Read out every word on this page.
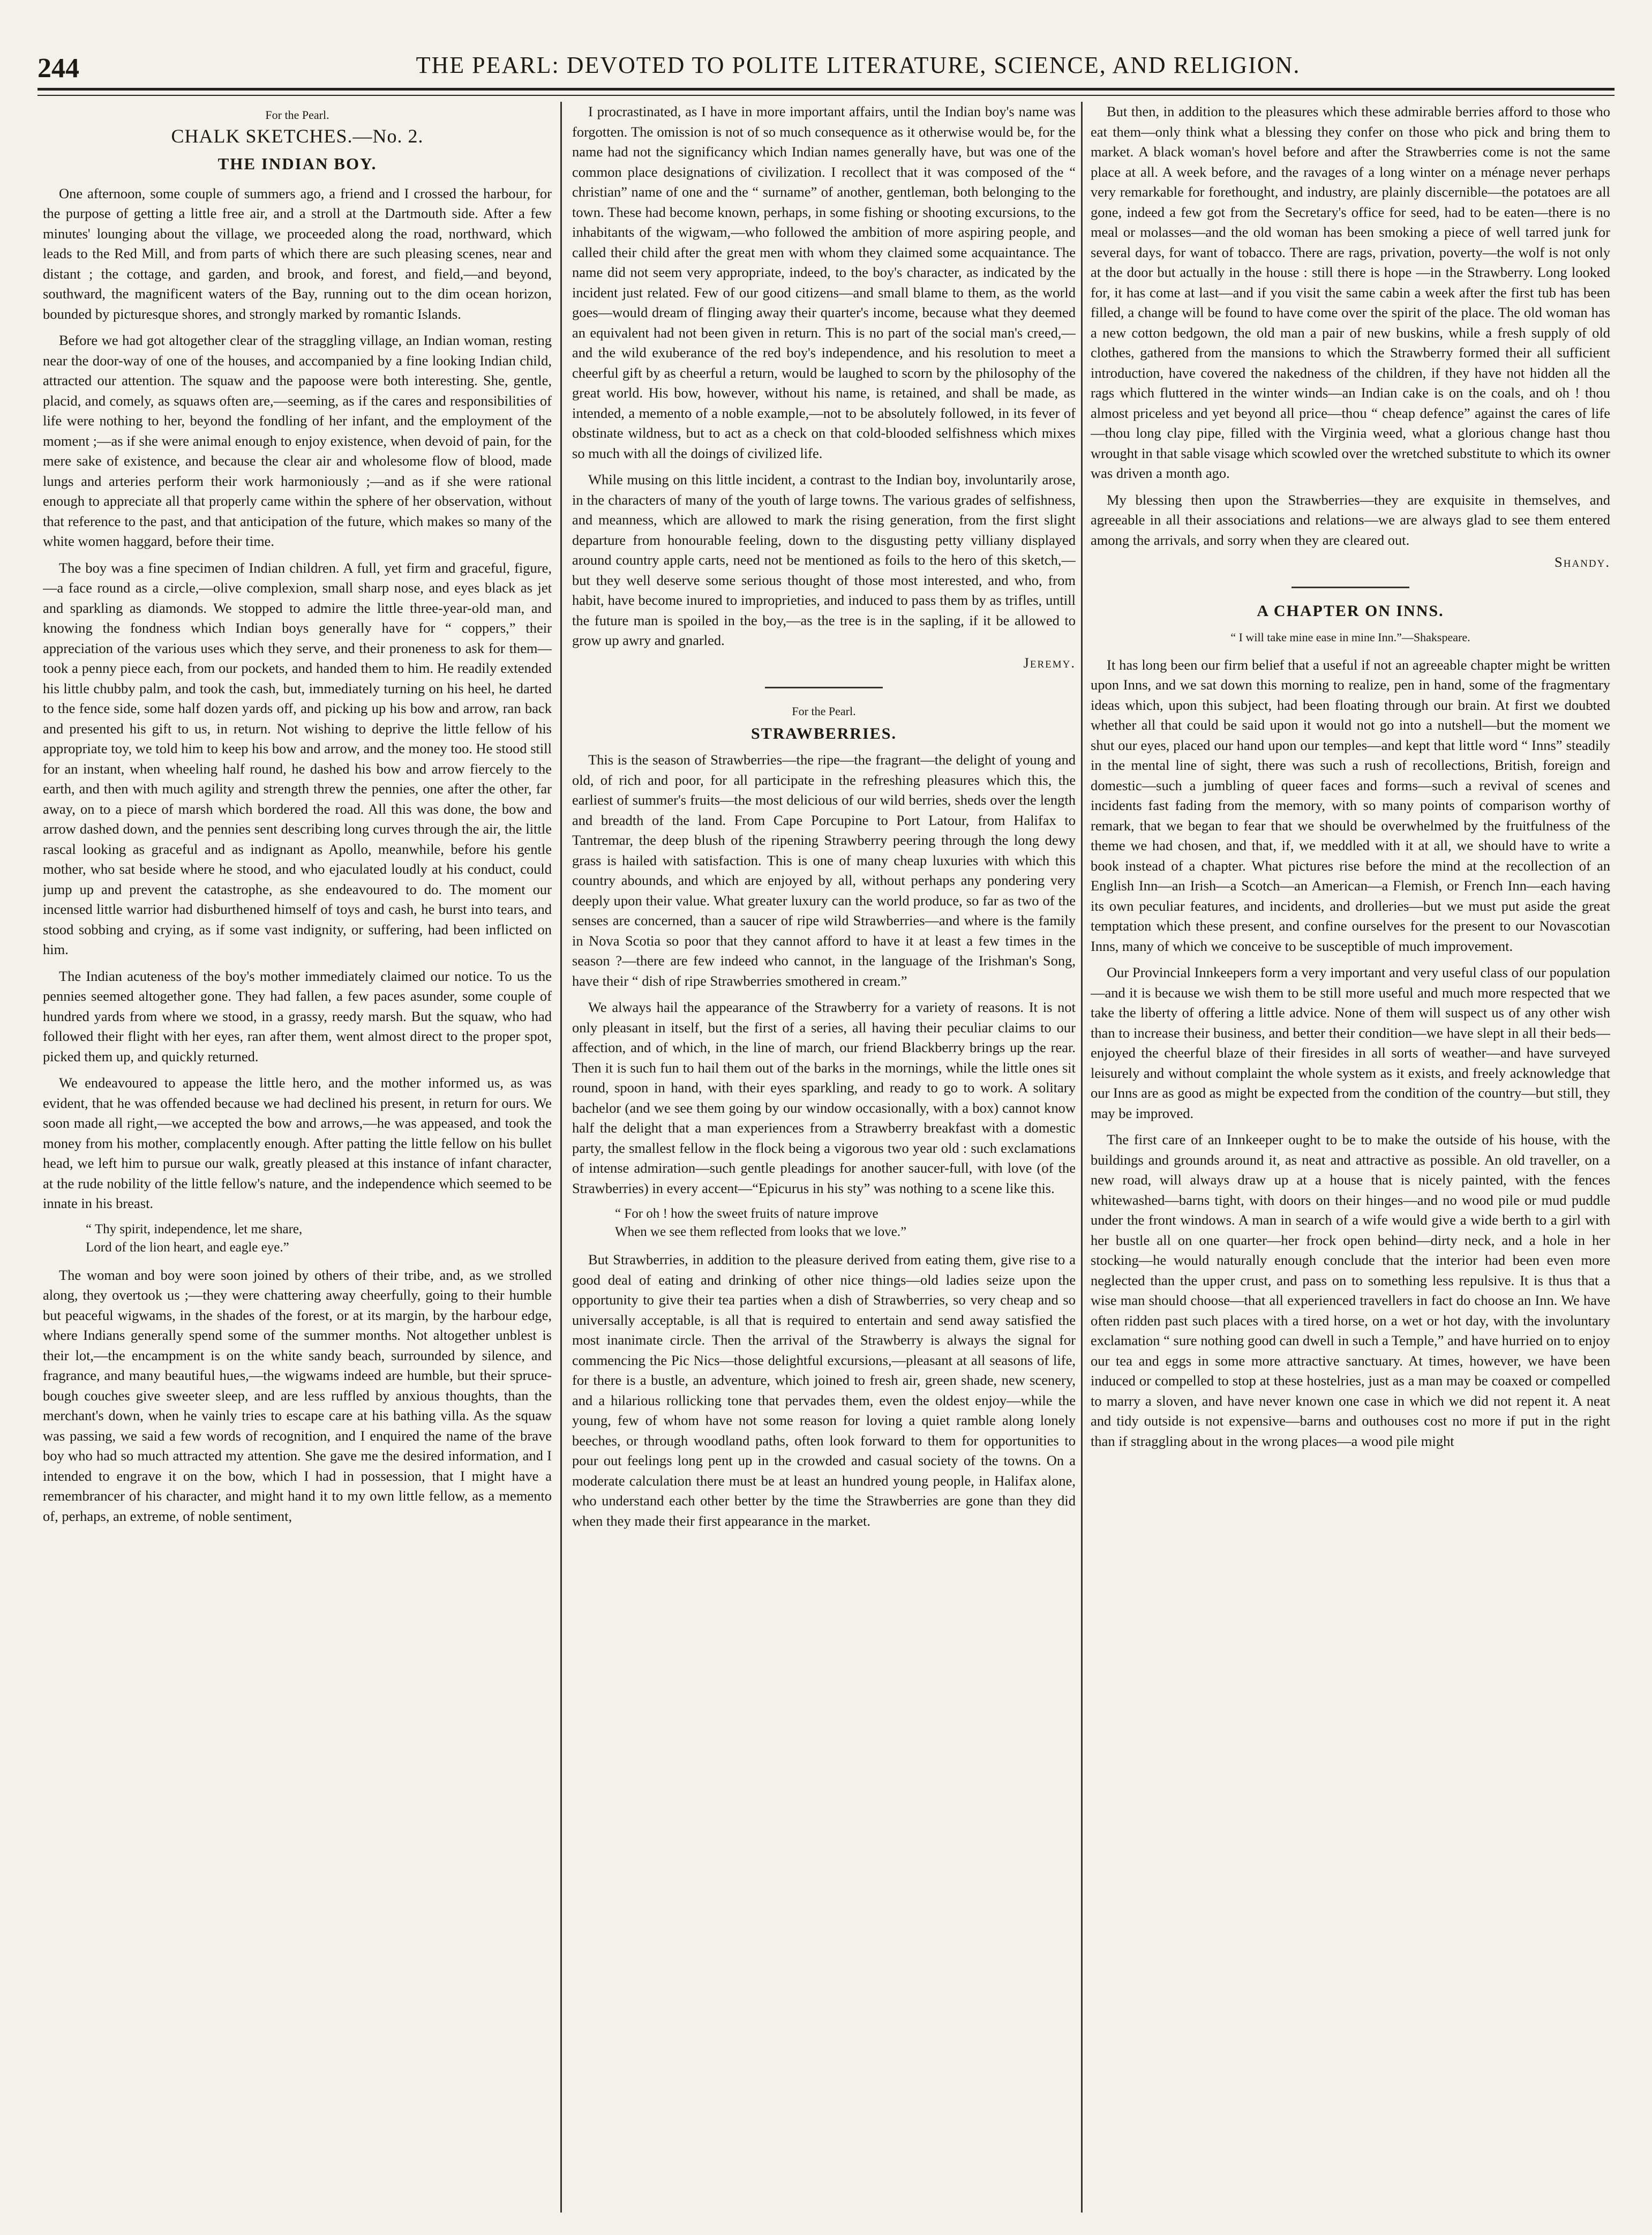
244	THE PEARL: DEVOTED TO POLITE LITERATURE, SCIENCE, AND RELIGION.
For the Pearl.
CHALK SKETCHES.—No. 2.
THE INDIAN BOY.

One afternoon, some couple of summers ago, a friend and I crossed the harbour, for the purpose of getting a little free air, and a stroll at the Dartmouth side. After a few minutes' lounging about the village, we proceeded along the road, northward, which leads to the Red Mill, and from parts of which there are such pleasing scenes, near and distant ; the cottage, and garden, and brook, and forest, and field,—and beyond, southward, the magnificent waters of the Bay, running out to the dim ocean horizon, bounded by picturesque shores, and strongly marked by romantic Islands.

Before we had got altogether clear of the straggling village, an Indian woman, resting near the door-way of one of the houses, and accompanied by a fine looking Indian child, attracted our attention. The squaw and the papoose were both interesting. She, gentle, placid, and comely, as squaws often are,—seeming, as if the cares and responsibilities of life were nothing to her, beyond the fondling of her infant, and the employment of the moment ;—as if she were animal enough to enjoy existence, when devoid of pain, for the mere sake of existence, and because the clear air and wholesome flow of blood, made lungs and arteries perform their work harmoniously ;—and as if she were rational enough to appreciate all that properly came within the sphere of her observation, without that reference to the past, and that anticipation of the future, which makes so many of the white women haggard, before their time.

The boy was a fine specimen of Indian children. A full, yet firm and graceful, figure,—a face round as a circle,—olive complexion, small sharp nose, and eyes black as jet and sparkling as diamonds. We stopped to admire the little three-year-old man, and knowing the fondness which Indian boys generally have for “ coppers,” their appreciation of the various uses which they serve, and their proneness to ask for them—took a penny piece each, from our pockets, and handed them to him. He readily extended his little chubby palm, and took the cash, but, immediately turning on his heel, he darted to the fence side, some half dozen yards off, and picking up his bow and arrow, ran back and presented his gift to us, in return. Not wishing to deprive the little fellow of his appropriate toy, we told him to keep his bow and arrow, and the money too. He stood still for an instant, when wheeling half round, he dashed his bow and arrow fiercely to the earth, and then with much agility and strength threw the pennies, one after the other, far away, on to a piece of marsh which bordered the road. All this was done, the bow and arrow dashed down, and the pennies sent describing long curves through the air, the little rascal looking as graceful and as indignant as Apollo, meanwhile, before his gentle mother, who sat beside where he stood, and who ejaculated loudly at his conduct, could jump up and prevent the catastrophe, as she endeavoured to do. The moment our incensed little warrior had disburthened himself of toys and cash, he burst into tears, and stood sobbing and crying, as if some vast indignity, or suffering, had been inflicted on him.

The Indian acuteness of the boy's mother immediately claimed our notice. To us the pennies seemed altogether gone. They had fallen, a few paces asunder, some couple of hundred yards from where we stood, in a grassy, reedy marsh. But the squaw, who had followed their flight with her eyes, ran after them, went almost direct to the proper spot, picked them up, and quickly returned.

We endeavoured to appease the little hero, and the mother informed us, as was evident, that he was offended because we had declined his present, in return for ours. We soon made all right,—we accepted the bow and arrows,—he was appeased, and took the money from his mother, complacently enough. After patting the little fellow on his bullet head, we left him to pursue our walk, greatly pleased at this instance of infant character, at the rude nobility of the little fellow's nature, and the independence which seemed to be innate in his breast.

“ Thy spirit, independence, let me share,
Lord of the lion heart, and eagle eye.”

The woman and boy were soon joined by others of their tribe, and, as we strolled along, they overtook us ;—they were chattering away cheerfully, going to their humble but peaceful wigwams, in the shades of the forest, or at its margin, by the harbour edge, where Indians generally spend some of the summer months. Not altogether unblest is their lot,—the encampment is on the white sandy beach, surrounded by silence, and fragrance, and many beautiful hues,—the wigwams indeed are humble, but their spruce-bough couches give sweeter sleep, and are less ruffled by anxious thoughts, than the merchant's down, when he vainly tries to escape care at his bathing villa. As the squaw was passing, we said a few words of recognition, and I enquired the name of the brave boy who had so much attracted my attention. She gave me the desired information, and I intended to engrave it on the bow, which I had in possession, that I might have a remembrancer of his character, and might hand it to my own little fellow, as a memento of, perhaps, an extreme, of noble sentiment,

I procrastinated, as I have in more important affairs, until the Indian boy's name was forgotten. The omission is not of so much consequence as it otherwise would be, for the name had not the significancy which Indian names generally have, but was one of the common place designations of civilization. I recollect that it was composed of the “ christian” name of one and the “ surname” of another, gentleman, both belonging to the town. These had become known, perhaps, in some fishing or shooting excursions, to the inhabitants of the wigwam,—who followed the ambition of more aspiring people, and called their child after the great men with whom they claimed some acquaintance. The name did not seem very appropriate, indeed, to the boy's character, as indicated by the incident just related. Few of our good citizens—and small blame to them, as the world goes—would dream of flinging away their quarter's income, because what they deemed an equivalent had not been given in return. This is no part of the social man's creed,—and the wild exuberance of the red boy's independence, and his resolution to meet a cheerful gift by as cheerful a return, would be laughed to scorn by the philosophy of the great world. His bow, however, without his name, is retained, and shall be made, as intended, a memento of a noble example,—not to be absolutely followed, in its fever of obstinate wildness, but to act as a check on that cold-blooded selfishness which mixes so much with all the doings of civilized life.

While musing on this little incident, a contrast to the Indian boy, involuntarily arose, in the characters of many of the youth of large towns. The various grades of selfishness, and meanness, which are allowed to mark the rising generation, from the first slight departure from honourable feeling, down to the disgusting petty villiany displayed around country apple carts, need not be mentioned as foils to the hero of this sketch,—but they well deserve some serious thought of those most interested, and who, from habit, have become inured to improprieties, and induced to pass them by as trifles, untill the future man is spoiled in the boy,—as the tree is in the sapling, if it be allowed to grow up awry and gnarled.

Jeremy.
For the Pearl.
STRAWBERRIES.

This is the season of Strawberries—the ripe—the fragrant—the delight of young and old, of rich and poor, for all participate in the refreshing pleasures which this, the earliest of summer's fruits—the most delicious of our wild berries, sheds over the length and breadth of the land. From Cape Porcupine to Port Latour, from Halifax to Tantremar, the deep blush of the ripening Strawberry peering through the long dewy grass is hailed with satisfaction. This is one of many cheap luxuries with which this country abounds, and which are enjoyed by all, without perhaps any pondering very deeply upon their value. What greater luxury can the world produce, so far as two of the senses are concerned, than a saucer of ripe wild Strawberries—and where is the family in Nova Scotia so poor that they cannot afford to have it at least a few times in the season ?—there are few indeed who cannot, in the language of the Irishman's Song, have their “ dish of ripe Strawberries smothered in cream.”

We always hail the appearance of the Strawberry for a variety of reasons. It is not only pleasant in itself, but the first of a series, all having their peculiar claims to our affection, and of which, in the line of march, our friend Blackberry brings up the rear. Then it is such fun to hail them out of the barks in the mornings, while the little ones sit round, spoon in hand, with their eyes sparkling, and ready to go to work. A solitary bachelor (and we see them going by our window occasionally, with a box) cannot know half the delight that a man experiences from a Strawberry breakfast with a domestic party, the smallest fellow in the flock being a vigorous two year old : such exclamations of intense admiration—such gentle pleadings for another saucer-full, with love (of the Strawberries) in every accent—“Epicurus in his sty” was nothing to a scene like this.

“ For oh ! how the sweet fruits of nature improve
When we see them reflected from looks that we love.”

But Strawberries, in addition to the pleasure derived from eating them, give rise to a good deal of eating and drinking of other nice things—old ladies seize upon the opportunity to give their tea parties when a dish of Strawberries, so very cheap and so universally acceptable, is all that is required to entertain and send away satisfied the most inanimate circle. Then the arrival of the Strawberry is always the signal for commencing the Pic Nics—those delightful excursions,—pleasant at all seasons of life, for there is a bustle, an adventure, which joined to fresh air, green shade, new scenery, and a hilarious rollicking tone that pervades them, even the oldest enjoy—while the young, few of whom have not some reason for loving a quiet ramble along lonely beeches, or through woodland paths, often look forward to them for opportunities to pour out feelings long pent up in the crowded and casual society of the towns. On a moderate calculation there must be at least an hundred young people, in Halifax alone, who understand each other better by the time the Strawberries are gone than they did when they made their first appearance in the market.

But then, in addition to the pleasures which these admirable berries afford to those who eat them—only think what a blessing they confer on those who pick and bring them to market. A black woman's hovel before and after the Strawberries come is not the same place at all. A week before, and the ravages of a long winter on a ménage never perhaps very remarkable for forethought, and industry, are plainly discernible—the potatoes are all gone, indeed a few got from the Secretary's office for seed, had to be eaten—there is no meal or molasses—and the old woman has been smoking a piece of well tarred junk for several days, for want of tobacco. There are rags, privation, poverty—the wolf is not only at the door but actually in the house : still there is hope —in the Strawberry. Long looked for, it has come at last—and if you visit the same cabin a week after the first tub has been filled, a change will be found to have come over the spirit of the place. The old woman has a new cotton bedgown, the old man a pair of new buskins, while a fresh supply of old clothes, gathered from the mansions to which the Strawberry formed their all sufficient introduction, have covered the nakedness of the children, if they have not hidden all the rags which fluttered in the winter winds—an Indian cake is on the coals, and oh ! thou almost priceless and yet beyond all price—thou “ cheap defence” against the cares of life—thou long clay pipe, filled with the Virginia weed, what a glorious change hast thou wrought in that sable visage which scowled over the wretched substitute to which its owner was driven a month ago.

My blessing then upon the Strawberries—they are exquisite in themselves, and agreeable in all their associations and relations—we are always glad to see them entered among the arrivals, and sorry when they are cleared out.

Shandy.
A CHAPTER ON INNS.
“ I will take mine ease in mine Inn.”—Shakspeare.

It has long been our firm belief that a useful if not an agreeable chapter might be written upon Inns, and we sat down this morning to realize, pen in hand, some of the fragmentary ideas which, upon this subject, had been floating through our brain. At first we doubted whether all that could be said upon it would not go into a nutshell—but the moment we shut our eyes, placed our hand upon our temples—and kept that little word “ Inns” steadily in the mental line of sight, there was such a rush of recollections, British, foreign and domestic—such a jumbling of queer faces and forms—such a revival of scenes and incidents fast fading from the memory, with so many points of comparison worthy of remark, that we began to fear that we should be overwhelmed by the fruitfulness of the theme we had chosen, and that, if, we meddled with it at all, we should have to write a book instead of a chapter. What pictures rise before the mind at the recollection of an English Inn—an Irish—a Scotch—an American—a Flemish, or French Inn—each having its own peculiar features, and incidents, and drolleries—but we must put aside the great temptation which these present, and confine ourselves for the present to our Novascotian Inns, many of which we conceive to be susceptible of much improvement.

Our Provincial Innkeepers form a very important and very useful class of our population—and it is because we wish them to be still more useful and much more respected that we take the liberty of offering a little advice. None of them will suspect us of any other wish than to increase their business, and better their condition—we have slept in all their beds—enjoyed the cheerful blaze of their firesides in all sorts of weather—and have surveyed leisurely and without complaint the whole system as it exists, and freely acknowledge that our Inns are as good as might be expected from the condition of the country—but still, they may be improved.

The first care of an Innkeeper ought to be to make the outside of his house, with the buildings and grounds around it, as neat and attractive as possible. An old traveller, on a new road, will always draw up at a house that is nicely painted, with the fences whitewashed—barns tight, with doors on their hinges—and no wood pile or mud puddle under the front windows. A man in search of a wife would give a wide berth to a girl with her bustle all on one quarter—her frock open behind—dirty neck, and a hole in her stocking—he would naturally enough conclude that the interior had been even more neglected than the upper crust, and pass on to something less repulsive. It is thus that a wise man should choose—that all experienced travellers in fact do choose an Inn. We have often ridden past such places with a tired horse, on a wet or hot day, with the involuntary exclamation “ sure nothing good can dwell in such a Temple,” and have hurried on to enjoy our tea and eggs in some more attractive sanctuary. At times, however, we have been induced or compelled to stop at these hostelries, just as a man may be coaxed or compelled to marry a sloven, and have never known one case in which we did not repent it. A neat and tidy outside is not expensive—barns and outhouses cost no more if put in the right than if straggling about in the wrong places—a wood pile might
